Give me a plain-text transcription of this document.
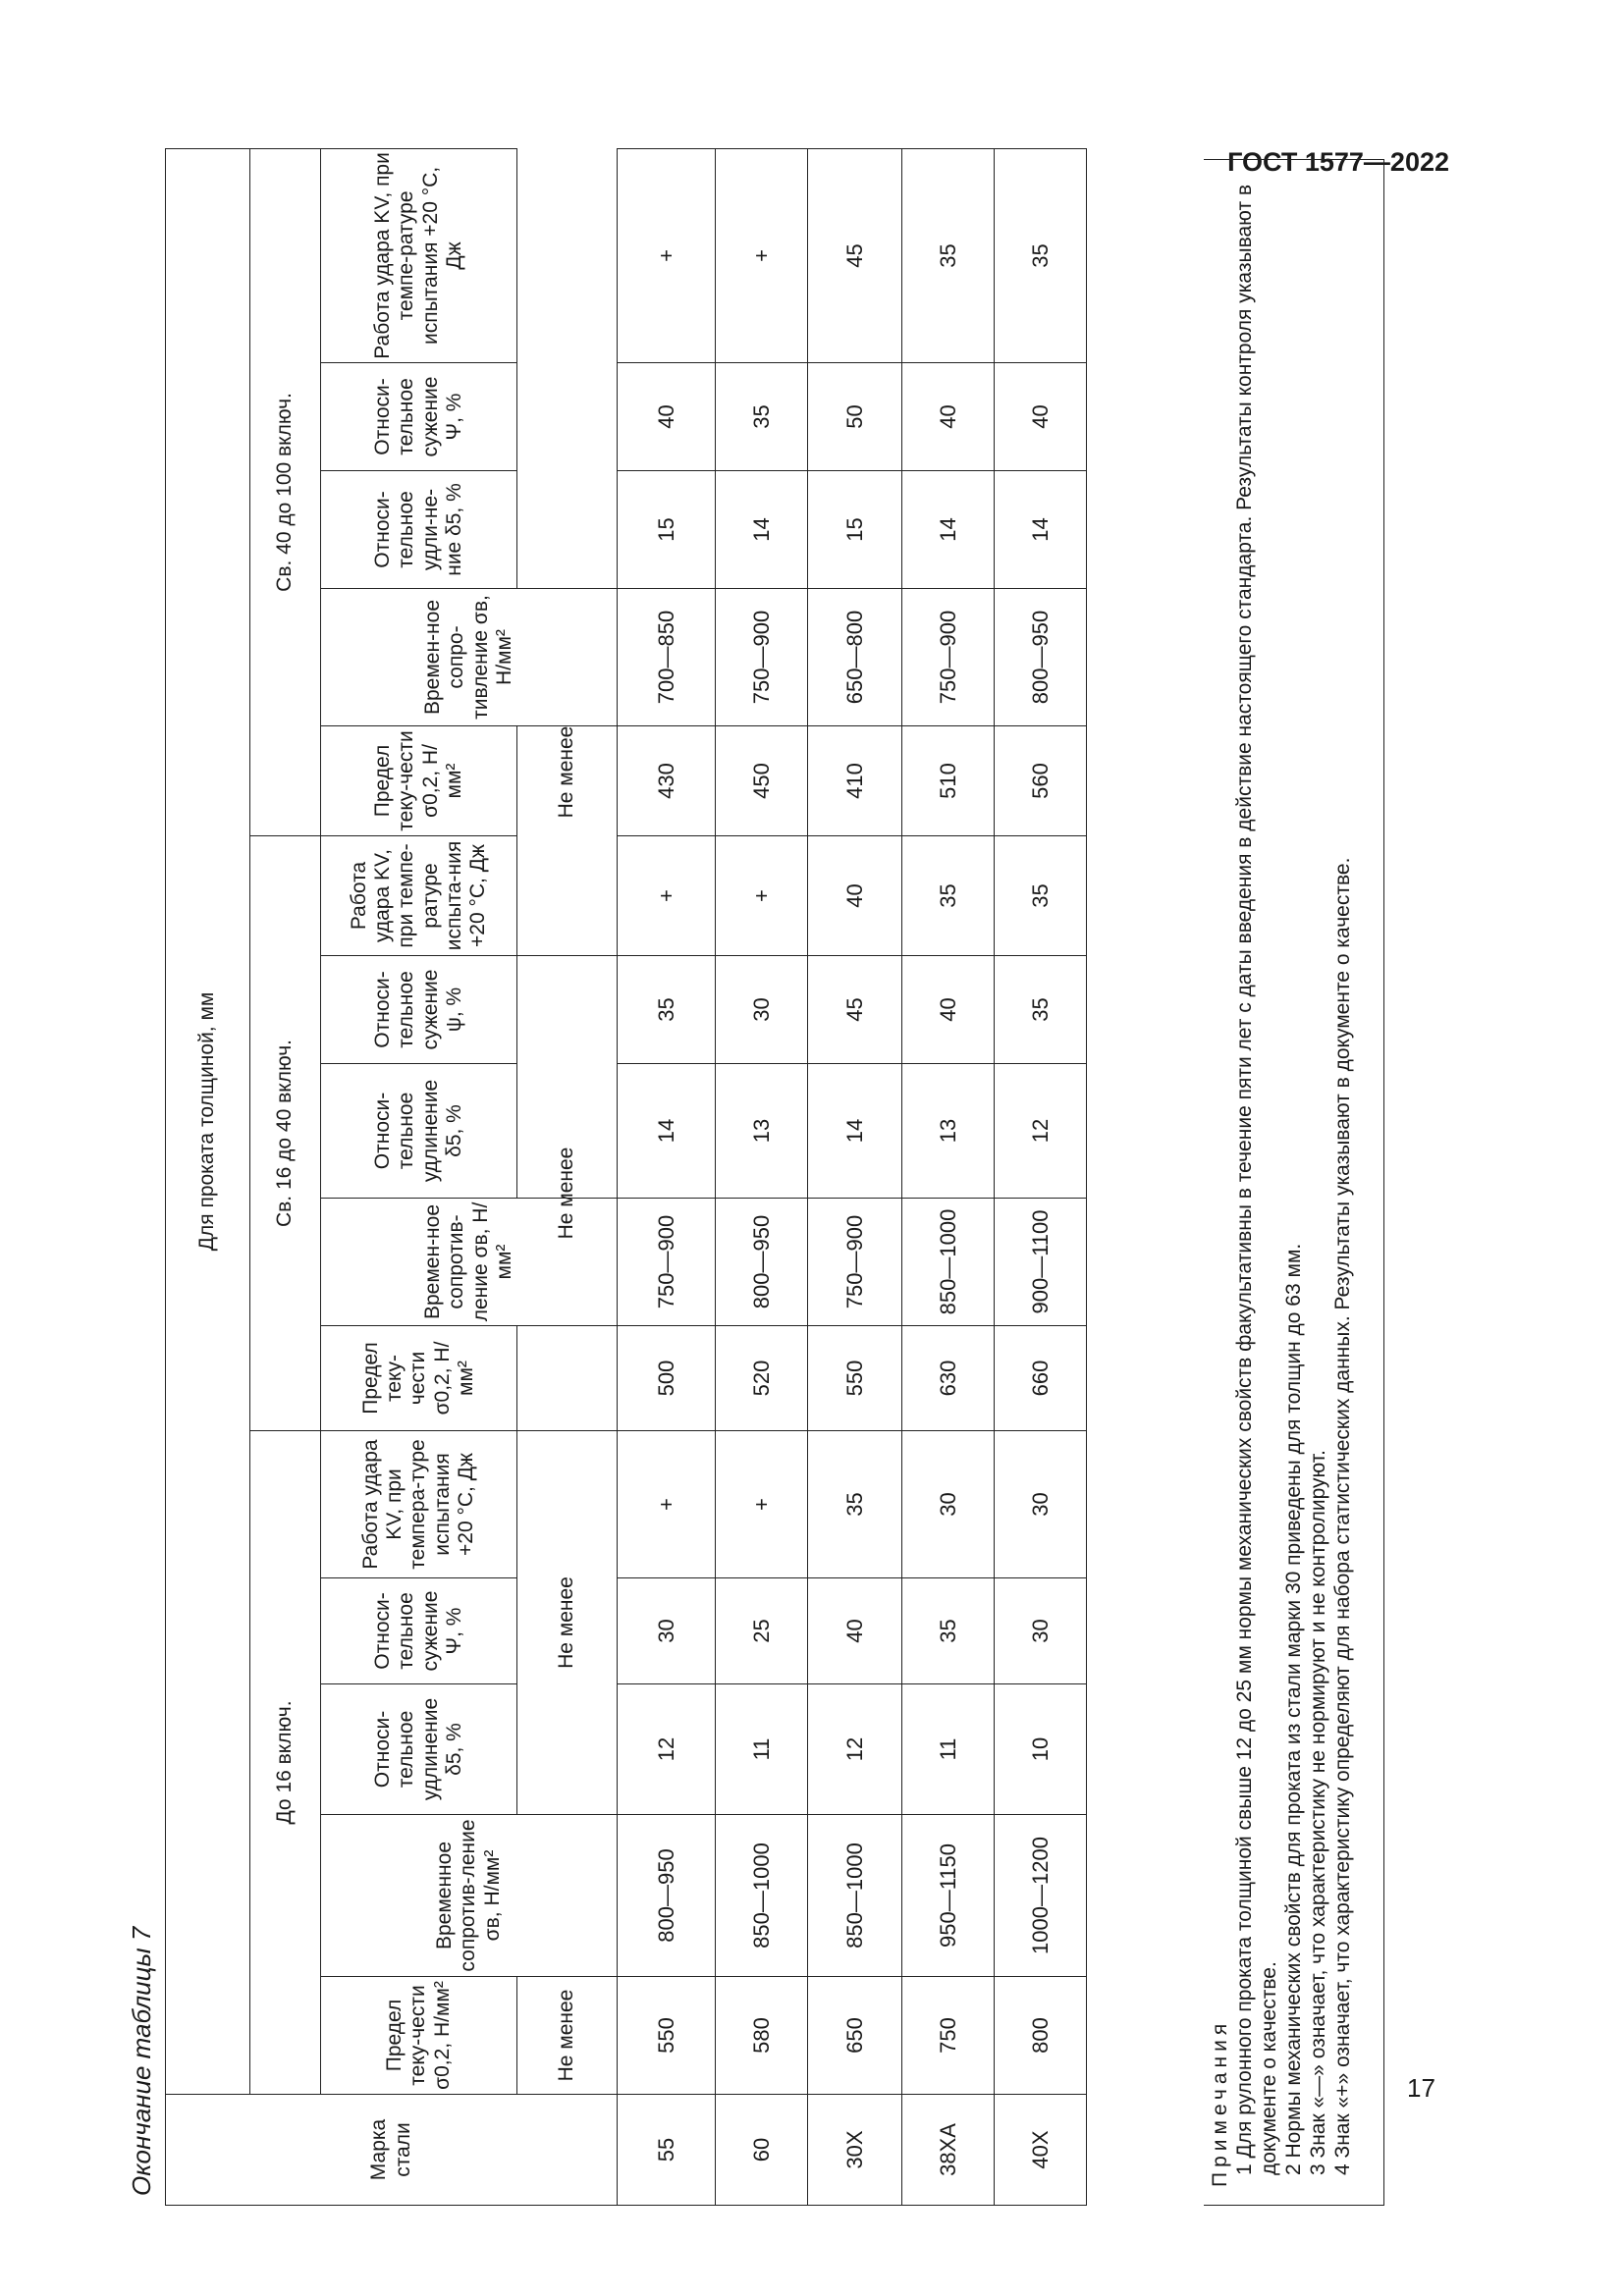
ГОСТ 1577—2022
17
Окончание таблицы 7	Марка стали	Для проката толщиной, мм														
	До 16 включ.					Св. 16 до 40 включ.					Св. 40 до 100 включ.				
	Предел теку-чести σ0,2, Н/мм²	Временное сопротив-ление σв, Н/мм²	Относи-тельное удлинение δ5, %	Относи-тельное сужение Ψ, %	Работа удара KV, при темпера-туре испытания +20 °С, Дж	Предел теку-чести σ0,2, Н/мм²	Времен-ное сопротив-ление σв, Н/мм²	Относи-тельное удлинение δ5, %	Относи-тельное сужение ψ, %	Работа удара KV, при темпе-ратуре испыта-ния +20 °С, Дж	Предел теку-чести σ0,2, Н/мм²	Времен-ное сопро-тивление σв, Н/мм²	Относи-тельное удли-не-ние δ5, %	Относи-тельное сужение Ψ, %	Работа удара KV, при темпе-ратуре испытания +20 °С, Дж
	Не менее		Не менее			Не менее				Не менее					
55	550	800—950	12	30	+	500	750—900	14	35	+	430	700—850	15	40	+
60	580	850—1000	11	25	+	520	800—950	13	30	+	450	750—900	14	35	+
30Х	650	850—1000	12	40	35	550	750—900	14	45	40	410	650—800	15	50	45
38ХА	750	950—1150	11	35	30	630	850—1000	13	40	35	510	750—900	14	40	35
40Х	800	1000—1200	10	30	30	660	900—1100	12	35	35	560	800—950	14	40	35

Примечания 1 Для рулонного проката толщиной свыше 12 до 25 мм нормы механических свойств факультативны в течение пяти лет с даты введения в действие настоящего стандарта. Результаты контроля указывают в документе о качестве. 2 Нормы механических свойств для проката из стали марки 30 приведены для толщин до 63 мм. 3 Знак «—» означает, что характеристику не нормируют и не контролируют. 4 Знак «+» означает, что характеристику определяют для набора статистических данных. Результаты указывают в документе о качестве.
